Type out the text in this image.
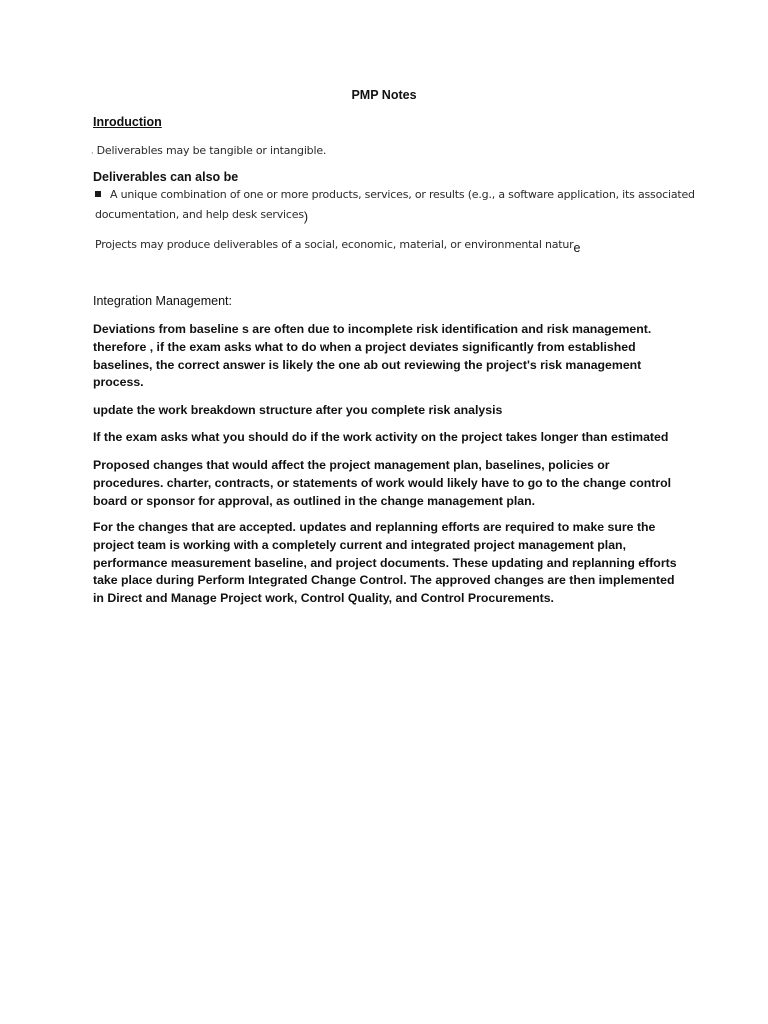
PMP Notes
Inroduction
. Deliverables may be tangible or intangible.
Deliverables can also be
A unique combination of one or more products, services, or results (e.g., a software application, its associated
documentation, and help desk services)
Projects may produce deliverables of a social, economic, material, or environmental nature
Integration Management:
Deviations from baseline s are often due to incomplete risk identification and risk management. therefore , if the exam asks what to do when a project deviates significantly from established baselines, the correct answer is likely the one ab out reviewing the project's risk management process.
update the work breakdown structure after you complete risk analysis
If the exam asks what you should do if the work activity on the project takes longer than estimated
Proposed changes that would affect the project management plan, baselines, policies or procedures. charter, contracts, or statements of work would likely have to go to the change control board or sponsor for approval, as outlined in the change management plan.
For the changes that are accepted. updates and replanning efforts are required to make sure the project team is working with a completely current and integrated project management plan, performance measurement baseline, and project documents. These updating and replanning efforts take place during Perform Integrated Change Control. The approved changes are then implemented in Direct and Manage Project work, Control Quality, and Control Procurements.
